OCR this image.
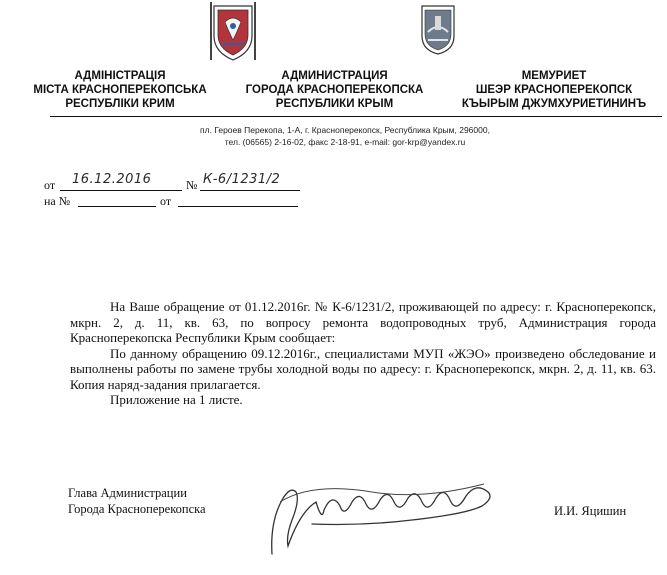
АДМІНІСТРАЦІЯ
МІСТА КРАСНОПЕРЕКОПСЬКА
РЕСПУБЛІКИ КРИМ
АДМИНИСТРАЦИЯ
ГОРОДА КРАСНОПЕРЕКОПСКА
РЕСПУБЛИКИ КРЫМ
МЕМУРИЕТ
ШЕЭР КРАСНОПЕРЕКОПСК
КЪЫРЫМ ДЖУМХУРИЕТИНИНЪ
пл. Героев Перекопа, 1-А, г. Красноперекопск, Республика Крым, 296000,
тел. (06565) 2-16-02, факс 2-18-91, e-mail: gor-krp@yandex.ru
от 16.12.2016	№ К-6/1231/2
на №	от

На Ваше обращение от 01.12.2016г. № К-6/1231/2, проживающей по адресу: г. Красноперекопск, мкрн. 2, д. 11, кв. 63, по вопросу ремонта водопроводных труб, Администрация города Красноперекопска Республики Крым сообщает:

По данному обращению 09.12.2016г., специалистами МУП «ЖЭО» произведено обследование и выполнены работы по замене трубы холодной воды по адресу: г. Красноперекопск, мкрн. 2, д. 11, кв. 63. Копия наряд-задания прилагается.

Приложение на 1 листе.

Глава Администрации
Города Красноперекопска	И.И. Яцишин
